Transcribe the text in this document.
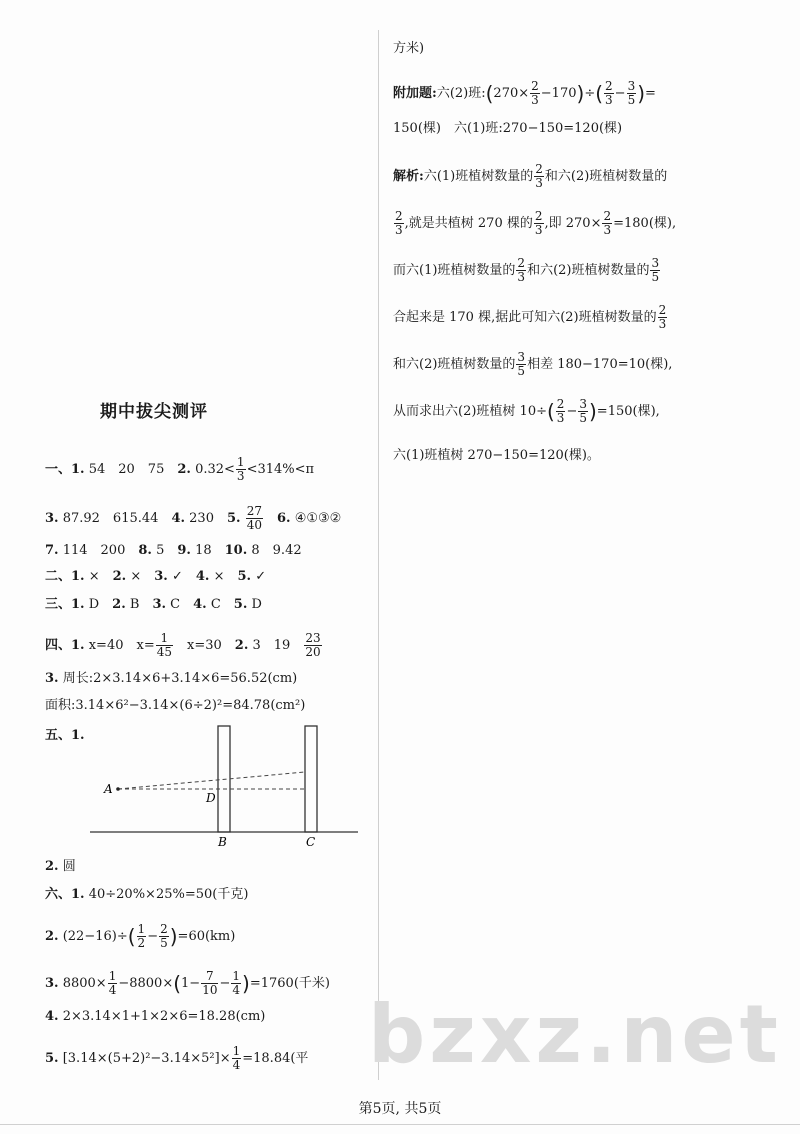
方米)
附加题:六(2)班:(270× $\frac{2}{3} -170)\div( \frac{2}{3} - \frac{3}{5}$ )=
150(棵)　六(1)班:270−150=120(棵)
解析:六(1)班植树数量的 $\frac{2}{3}$ 和六(2)班植树数量的
$\frac{2}{3}$ ,就是共植树 270 棵的 $\frac{2}{3}$ ,即 $270\times \frac{2}{3} =180$(棵),
而六(1)班植树数量的 $\frac{2}{3}$ 和六(2)班植树数量的 $\frac{3}{5}$
合起来是 170 棵,据此可知六(2)班植树数量的 $\frac{2}{3}$
和六(2)班植树数量的 $\frac{3}{5}$ 相差 180−170=10(棵),
从而求出六(2)班植树 $10\div( \frac{2}{3} - \frac{3}{5} )=150$(棵),
六(1)班植树 270−150=120(棵)。
期中拔尖测评
一、1. 54　20　75　2. $0.32< \frac{1}{3} <314\%<\pi$
3. 87.92　615.44　4. 230　5. $\frac{27}{40}$
　 6. ④①③②
7. 114　200　8. 5　9. 18　10. 8　9.42
二、1. ×　2. ×　3. ✓　4. ×　5. ✓
三、1. D　2. B　3. C　4. C　5. D
四、1. x=40　$x= \frac{1}{45}$ 　x=30　2. 3　19　 $\frac{23}{20}$
3. 周长:2×3.14×6+3.14×6=56.52(cm)
面积:3.14×6²−3.14×(6÷2)²=84.78(cm²)
五、1.
A
D
B	C
2. 圆
六、1. 40÷20%×25%=50(千克)
2. $(22-16)\div( \frac{1}{2} - \frac{2}{5} )=60(km)$
3. $8800\times \frac{1}{4} -8800\times(1- \frac{7}{10} - \frac{1}{4} )=1760$(千米)
4. 2×3.14×1+1×2×6=18.28(cm)
5. $[3.14\times(5+2)^2-3.14\times 5^2]\times \frac{1}{4} =18.84$(平 bzxz.net
第5页, 共5页
